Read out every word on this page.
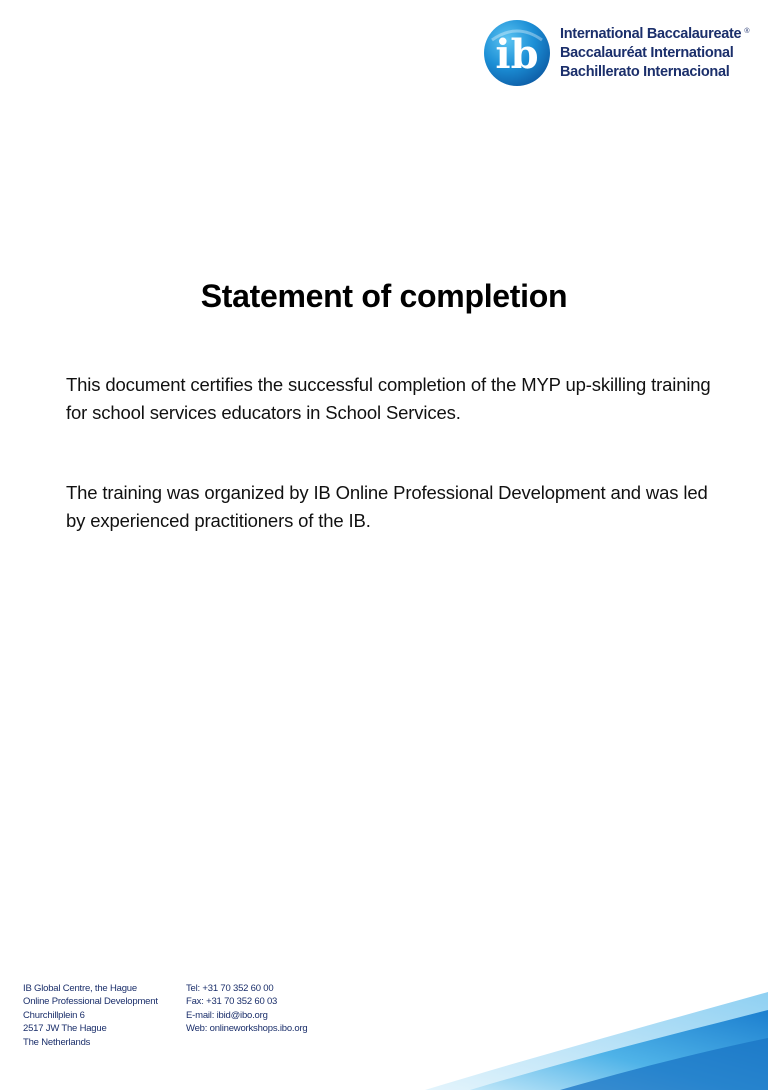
ib	®
International Baccalaureate
Baccalauréat International
Bachillerato Internacional
Statement of completion
This document certifies the successful completion of the MYP up-skilling training for school services educators in School Services.
The training was organized by IB Online Professional Development and was led by experienced practitioners of the IB.
IB Global Centre, the Hague
Online Professional Development
Churchillplein 6
2517 JW The Hague
The Netherlands
Tel: +31 70 352 60 00
Fax: +31 70 352 60 03
E-mail: ibid@ibo.org
Web: onlineworkshops.ibo.org
